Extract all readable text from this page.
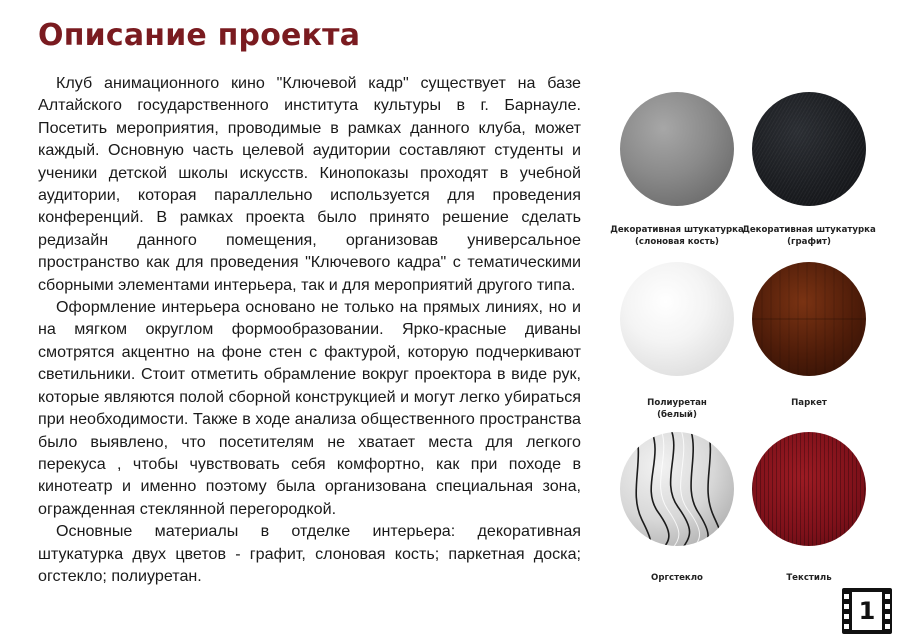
Описание проекта

Клуб анимационного кино "Ключевой кадр" существует на базе Алтайского государственного института культуры в г. Барнауле. Посетить мероприятия, проводимые в рамках данного клуба, может каждый. Основную часть целевой аудитории составляют студенты и ученики детской школы искусств. Кинопоказы проходят в учебной аудитории, которая параллельно используется для проведения конференций. В рамках проекта было принято решение сделать редизайн данного помещения, организовав универсальное пространство как для проведения "Ключевого кадра" с тематическими сборными элементами интерьера, так и для мероприятий другого типа.

Оформление интерьера основано не только на прямых линиях, но и на мягком округлом формообразовании. Ярко-красные диваны смотрятся акцентно на фоне стен с фактурой, которую подчеркивают светильники. Стоит отметить обрамление вокруг проектора в виде рук, которые являются полой сборной конструкцией и могут легко убираться при необходимости. Также в ходе анализа общественного пространства было выявлено, что посетителям не хватает места для легкого перекуса , чтобы чувствовать себя комфортно, как при походе в кинотеатр и именно поэтому была организована специальная зона, огражденная стеклянной перегородкой.

Основные материалы в отделке интерьера: декоративная штукатурка двух цветов - графит, слоновая кость; паркетная доска; огстекло; полиуретан.

Декоративная штукатурка
(слоновая кость)
Декоративная штукатурка
(графит)
Полиуретан
(белый)
Паркет
Оргстекло	Текстиль
1
